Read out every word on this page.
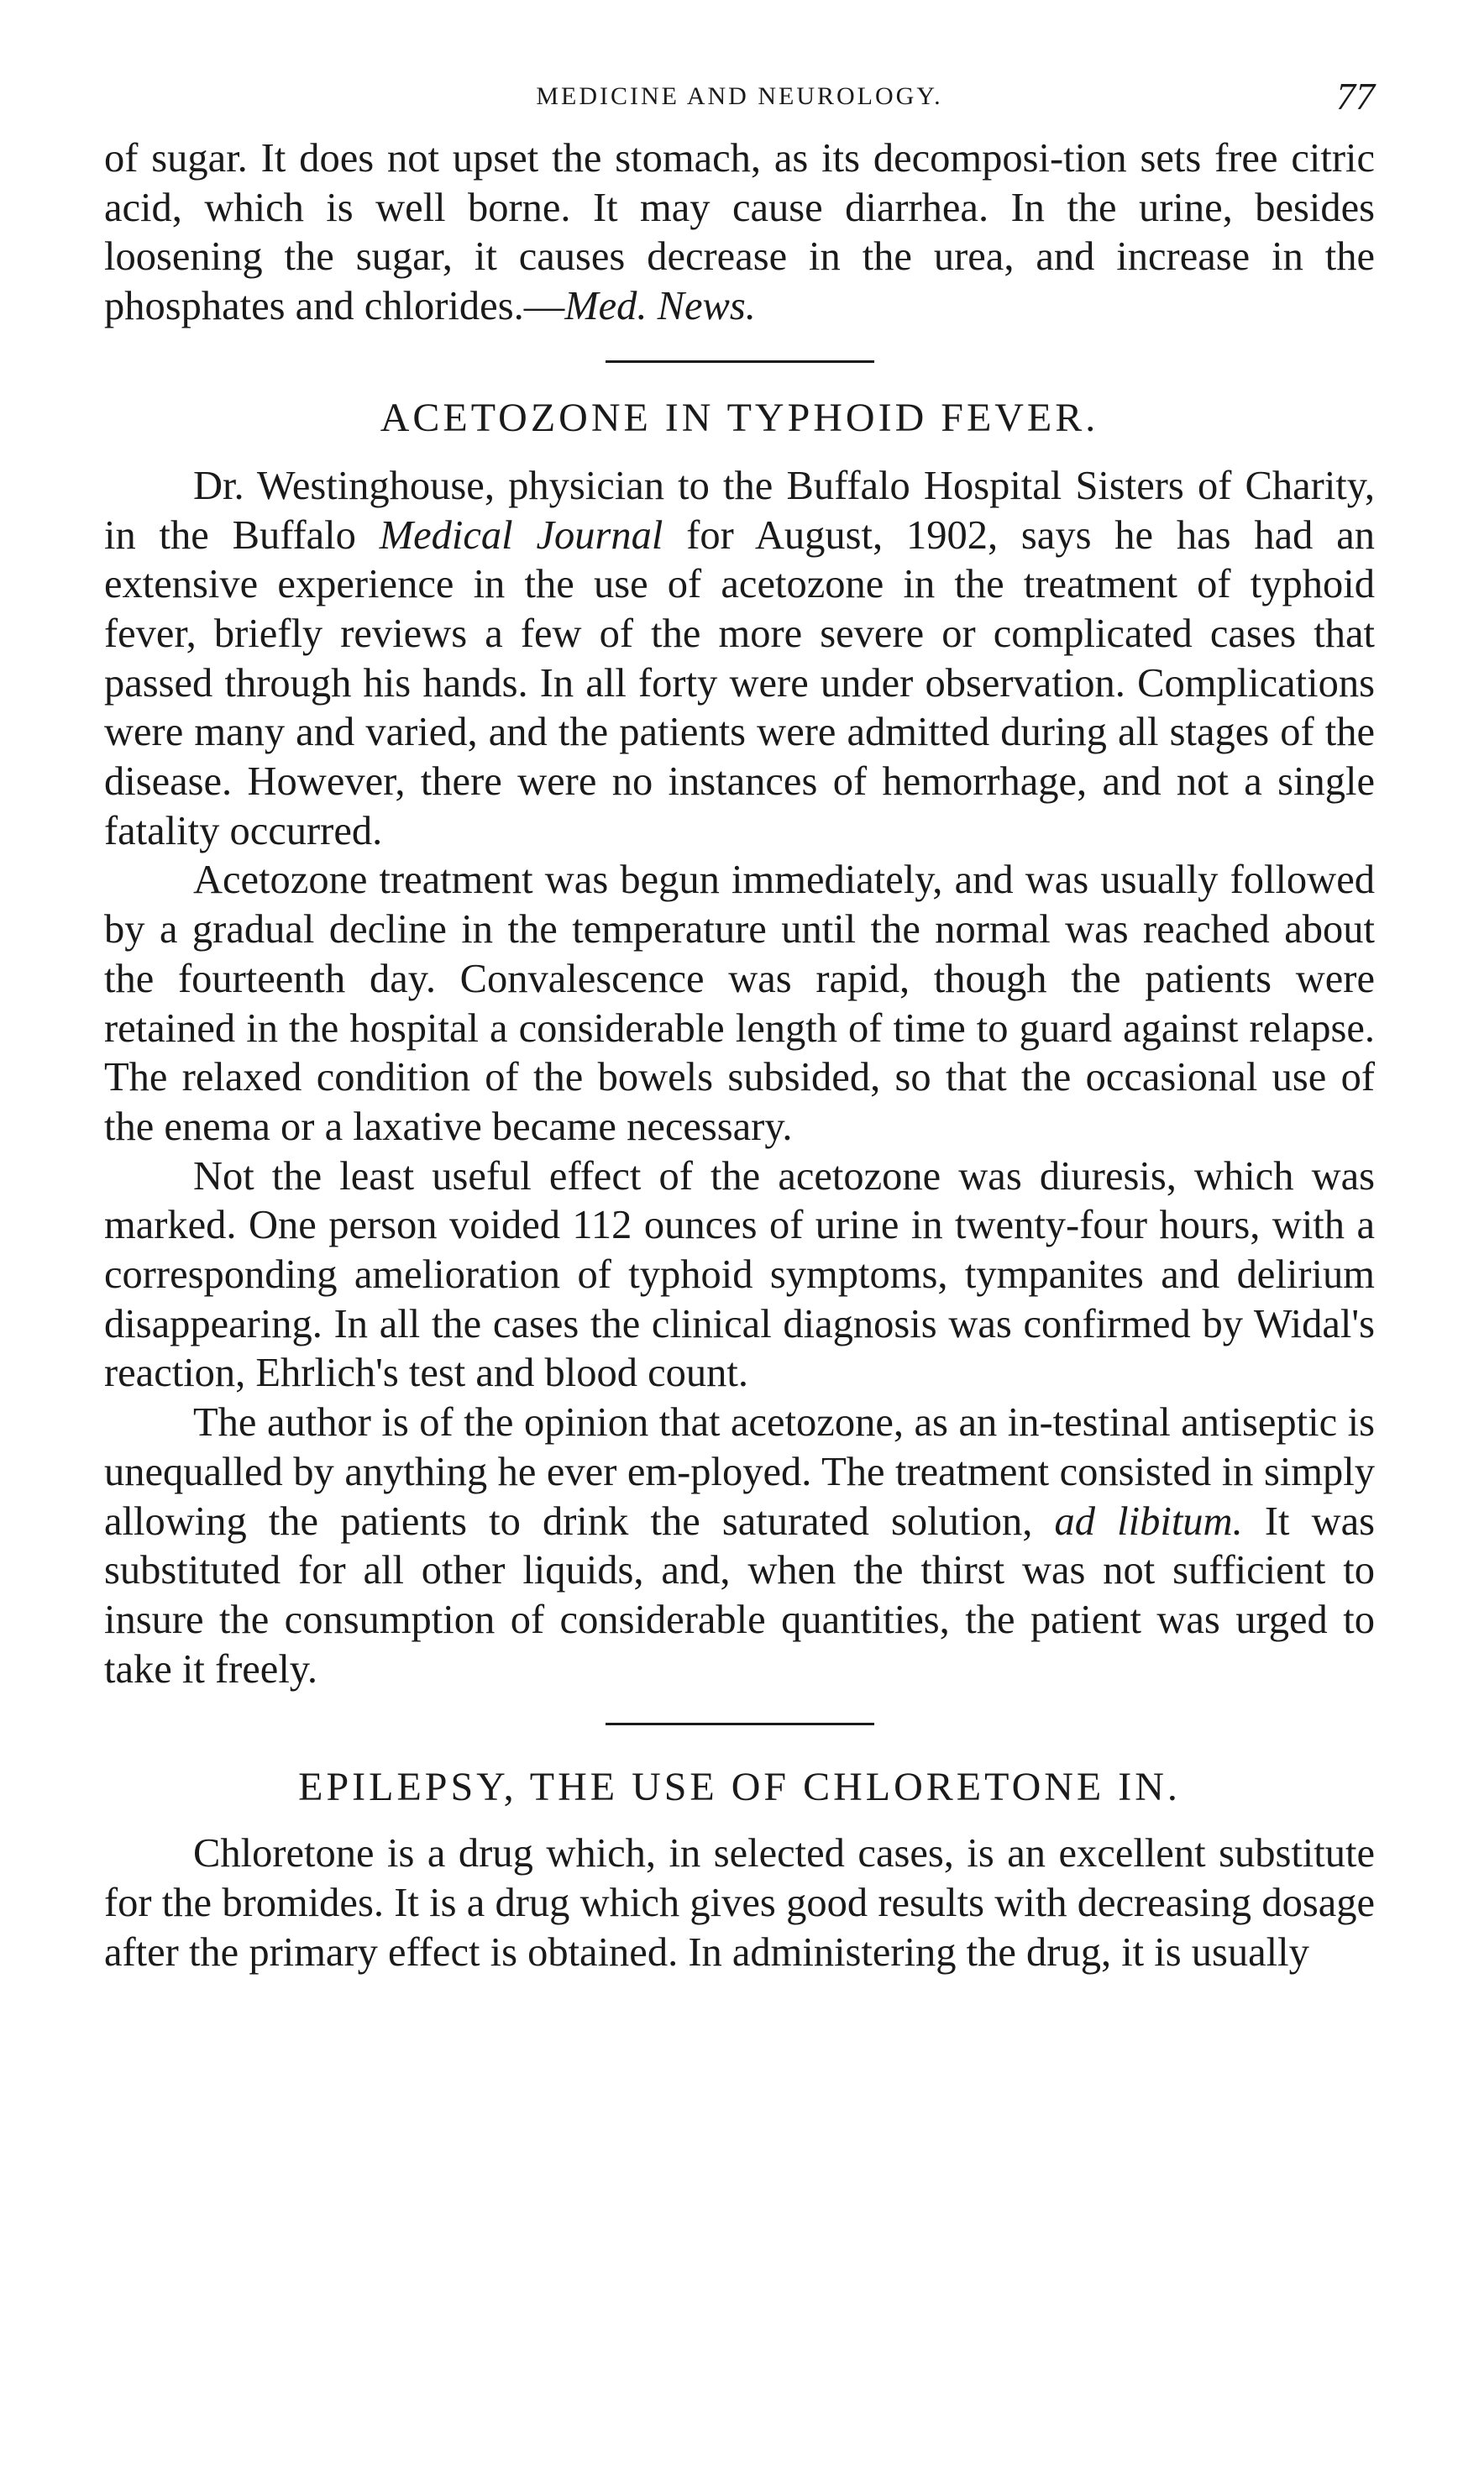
MEDICINE AND NEUROLOGY.	77

of sugar. It does not upset the stomach, as its decomposi-tion sets free citric acid, which is well borne. It may cause diarrhea. In the urine, besides loosening the sugar, it causes decrease in the urea, and increase in the phosphates and chlorides.—Med. News.

ACETOZONE IN TYPHOID FEVER.

Dr. Westinghouse, physician to the Buffalo Hospital Sisters of Charity, in the Buffalo Medical Journal for August, 1902, says he has had an extensive experience in the use of acetozone in the treatment of typhoid fever, briefly reviews a few of the more severe or complicated cases that passed through his hands. In all forty were under observation. Complications were many and varied, and the patients were admitted during all stages of the disease. However, there were no instances of hemorrhage, and not a single fatality occurred.

Acetozone treatment was begun immediately, and was usually followed by a gradual decline in the temperature until the normal was reached about the fourteenth day. Convalescence was rapid, though the patients were retained in the hospital a considerable length of time to guard against relapse. The relaxed condition of the bowels subsided, so that the occasional use of the enema or a laxative became necessary.

Not the least useful effect of the acetozone was diuresis, which was marked. One person voided 112 ounces of urine in twenty-four hours, with a corresponding amelioration of typhoid symptoms, tympanites and delirium disappearing. In all the cases the clinical diagnosis was confirmed by Widal's reaction, Ehrlich's test and blood count.

The author is of the opinion that acetozone, as an in-testinal antiseptic is unequalled by anything he ever em-ployed. The treatment consisted in simply allowing the patients to drink the saturated solution, ad libitum. It was substituted for all other liquids, and, when the thirst was not sufficient to insure the consumption of considerable quantities, the patient was urged to take it freely.

EPILEPSY, THE USE OF CHLORETONE IN.

Chloretone is a drug which, in selected cases, is an excellent substitute for the bromides. It is a drug which gives good results with decreasing dosage after the primary effect is obtained. In administering the drug, it is usually
